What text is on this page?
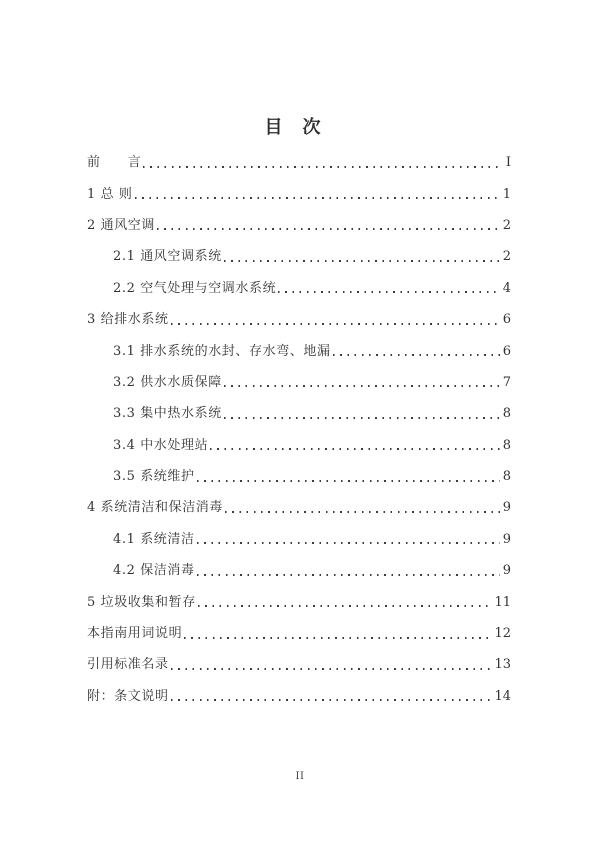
目　次
前　　言	I
1 总 则	1
2 通风空调	2
2.1 通风空调系统	2
2.2 空气处理与空调水系统	4
3 给排水系统	6
3.1 排水系统的水封、存水弯、地漏	6
3.2 供水水质保障	7
3.3 集中热水系统	8
3.4 中水处理站	8
3.5 系统维护	8
4 系统清洁和保洁消毒	9
4.1 系统清洁	9
4.2 保洁消毒	9
5 垃圾收集和暂存	11
本指南用词说明	12
引用标准名录	13
附：条文说明	14
II
